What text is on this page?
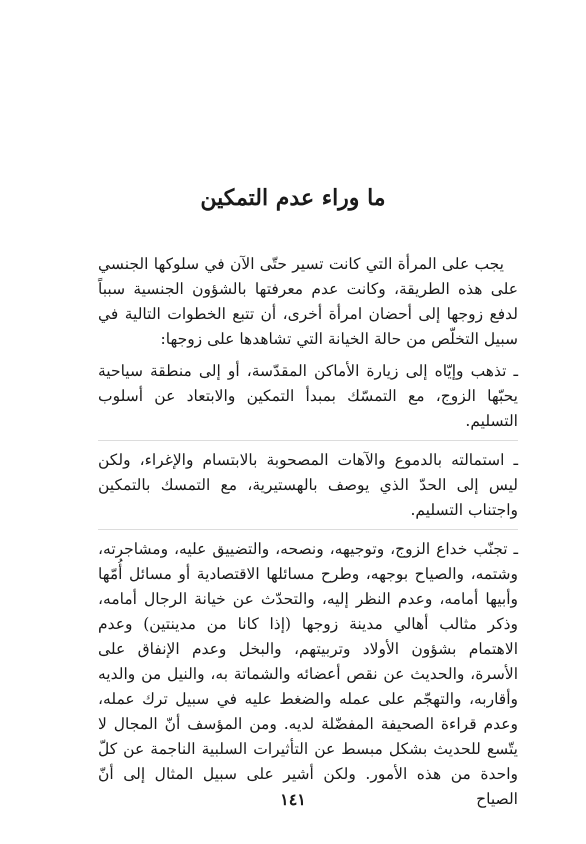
ما وراء عدم التمكين

يجب على المرأة التي كانت تسير حتّى الآن في سلوكها الجنسي على هذه الطريقة، وكانت عدم معرفتها بالشؤون الجنسية سبباً لدفع زوجها إلى أحضان امرأة أخرى، أن تتبع الخطوات التالية في سبيل التخلّص من حالة الخيانة التي تشاهدها على زوجها:

ـ تذهب وإيّاه إلى زيارة الأماكن المقدّسة، أو إلى منطقة سياحية يحبّها الزوج، مع التمسّك بمبدأ التمكين والابتعاد عن أسلوب التسليم.

ـ استمالته بالدموع والآهات المصحوبة بالابتسام والإغراء، ولكن ليس إلى الحدّ الذي يوصف بالهستيرية، مع التمسك بالتمكين واجتناب التسليم.

ـ تجنّب خداع الزوج، وتوجيهه، ونصحه، والتضييق عليه، ومشاجرته، وشتمه، والصياح بوجهه، وطرح مسائلها الاقتصادية أو مسائل أُمّها وأبيها أمامه، وعدم النظر إليه، والتحدّث عن خيانة الرجال أمامه، وذكر مثالب أهالي مدينة زوجها (إذا كانا من مدينتين) وعدم الاهتمام بشؤون الأولاد وتربيتهم، والبخل وعدم الإنفاق على الأسرة، والحديث عن نقص أعضائه والشماتة به، والنيل من والديه وأقاربه، والتهجّم على عمله والضغط عليه في سبيل ترك عمله، وعدم قراءة الصحيفة المفضّلة لديه. ومن المؤسف أنّ المجال لا يتّسع للحديث بشكل مبسط عن التأثيرات السلبية الناجمة عن كلّ واحدة من هذه الأمور. ولكن أشير على سبيل المثال إلى أنّ الصياح

١٤١
